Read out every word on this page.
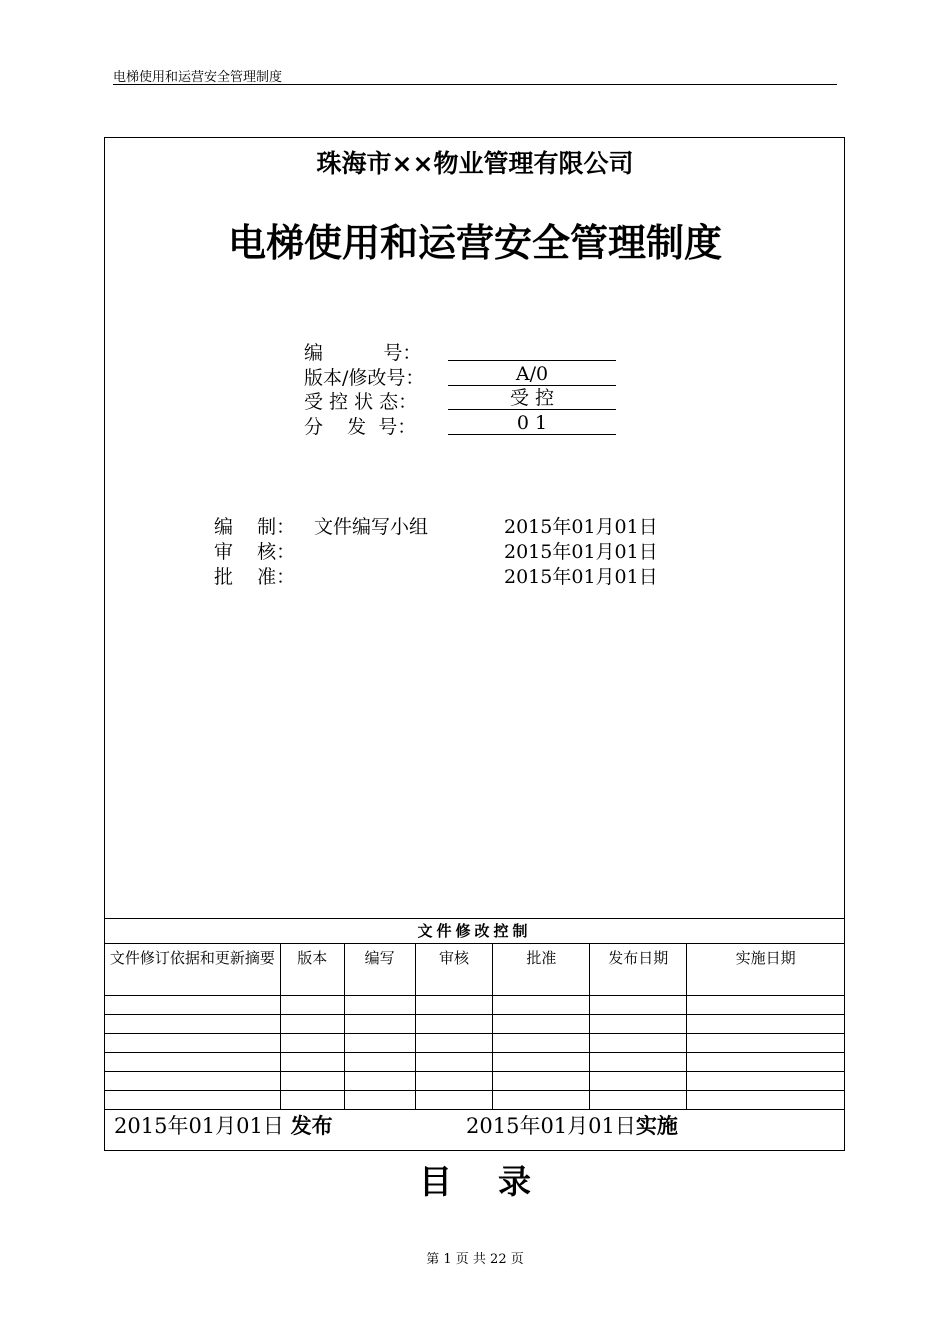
电梯使用和运营安全管理制度
珠海市××物业管理有限公司
电梯使用和运营安全管理制度
编          号：
版本/修改号：	A/0
受 控 状 态：	受 控
分    发  号：	0 1
编    制： 文件编写小组	2015年01月01日
审    核：	2015年01月01日
批    准：	2015年01月01日
文件修改控制						
文件修订依据和更新摘要	版本	编写	审核	批准	发布日期	实施日期

2015年01月01日 发布	2015年01月01日实施
目    录
第 1 页 共 22 页
